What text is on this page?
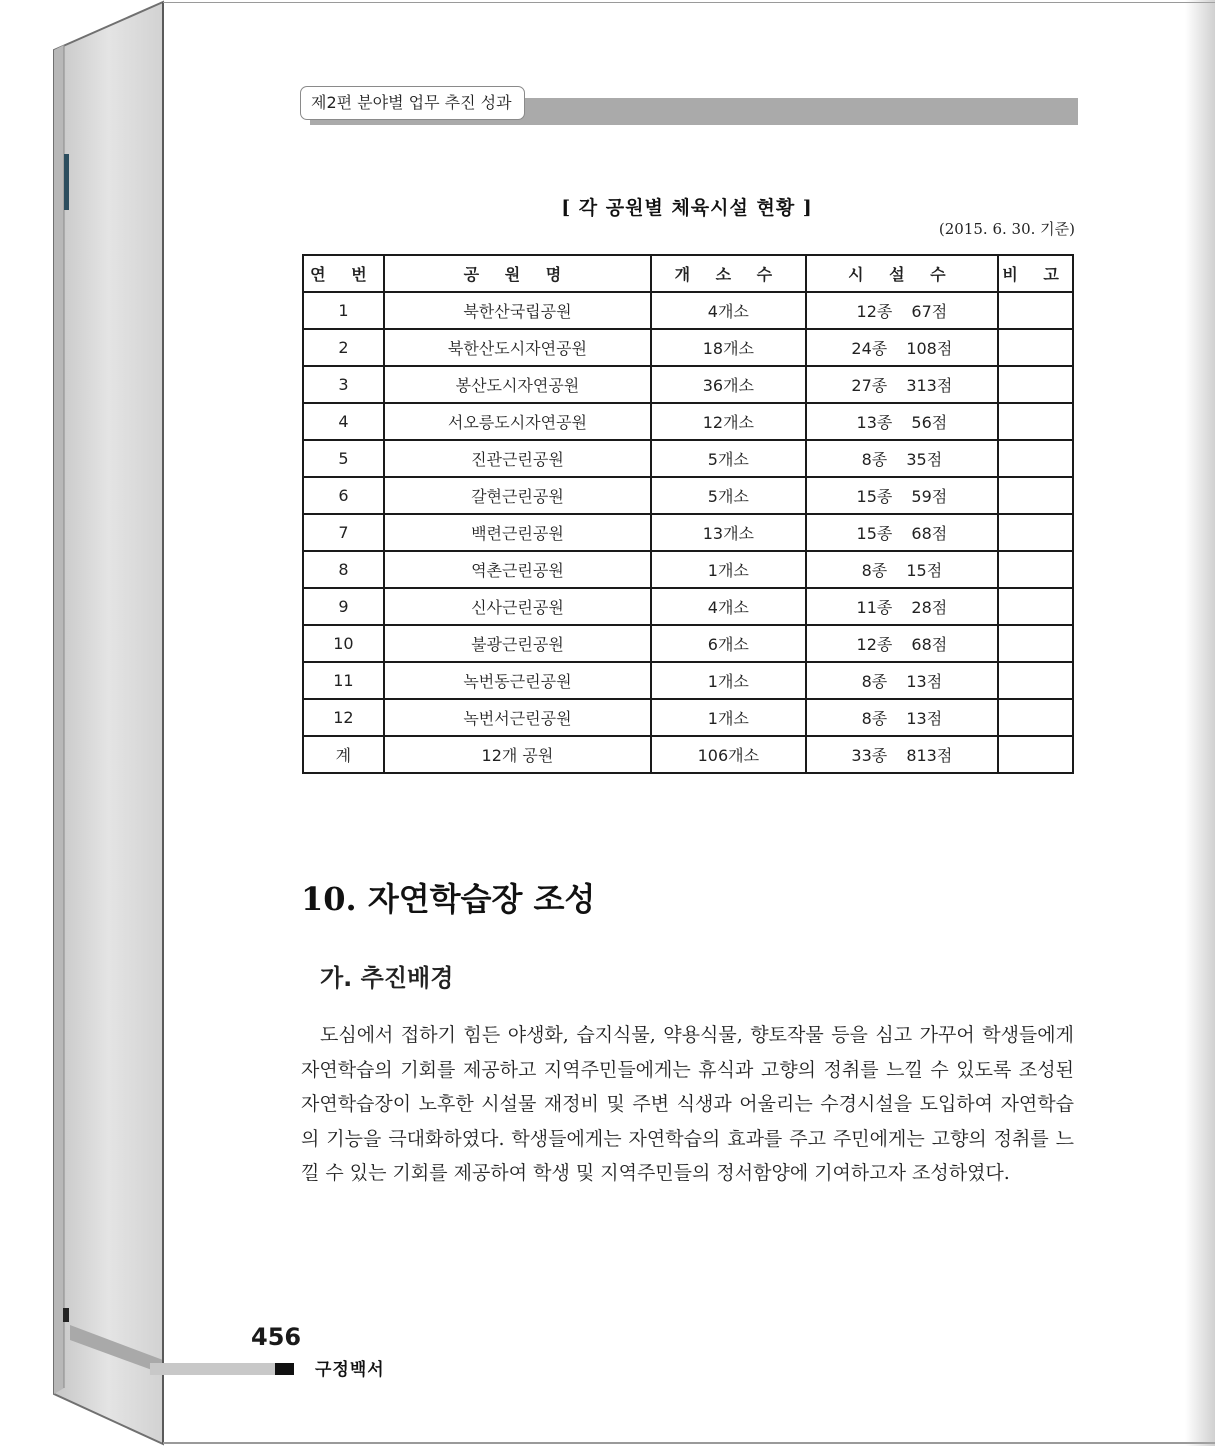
제2편 분야별 업무 추진 성과
[ 각 공원별 체육시설 현황 ]
(2015. 6. 30. 기준)
연 번	공 원 명	개 소 수	시 설 수	비 고
1	북한산국립공원	4개소	12종 67점	
2	북한산도시자연공원	18개소	24종 108점	
3	봉산도시자연공원	36개소	27종 313점	
4	서오릉도시자연공원	12개소	13종 56점	
5	진관근린공원	5개소	8종 35점	
6	갈현근린공원	5개소	15종 59점	
7	백련근린공원	13개소	15종 68점	
8	역촌근린공원	1개소	8종 15점	
9	신사근린공원	4개소	11종 28점	
10	불광근린공원	6개소	12종 68점	
11	녹번동근린공원	1개소	8종 13점	
12	녹번서근린공원	1개소	8종 13점	
계	12개 공원	106개소	33종 813점	
10. 자연학습장 조성
가. 추진배경

도심에서 접하기 힘든 야생화, 습지식물, 약용식물, 향토작물 등을 심고 가꾸어 학생들에게 자연학습의 기회를 제공하고 지역주민들에게는 휴식과 고향의 정취를 느낄 수 있도록 조성된 자연학습장이 노후한 시설물 재정비 및 주변 식생과 어울리는 수경시설을 도입하여 자연학습의 기능을 극대화하였다. 학생들에게는 자연학습의 효과를 주고 주민에게는 고향의 정취를 느낄 수 있는 기회를 제공하여 학생 및 지역주민들의 정서함양에 기여하고자 조성하였다.

456
구정백서
